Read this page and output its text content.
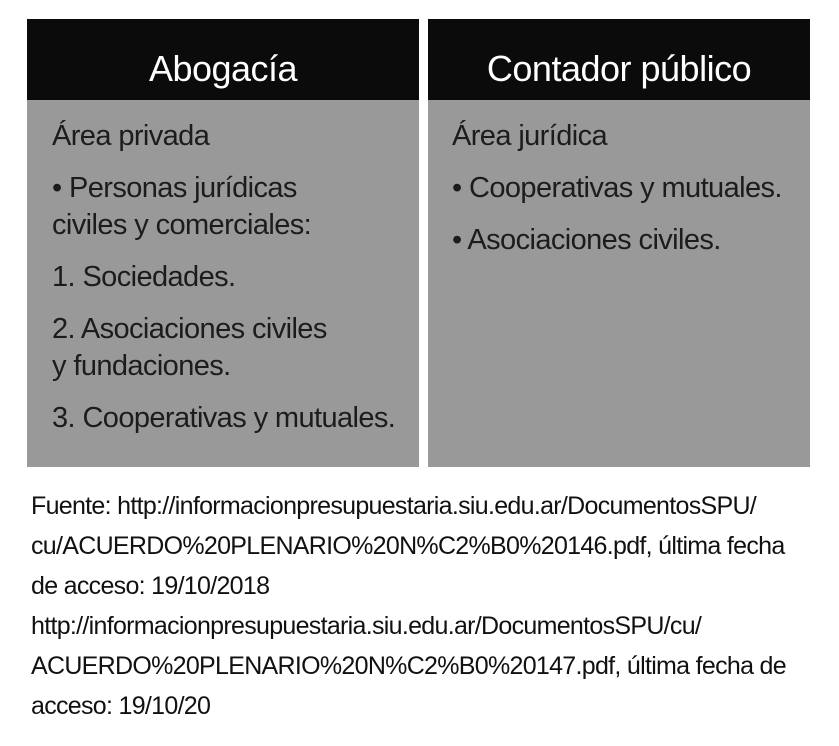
Abogacía
Área privada
• Personas jurídicas
civiles y comerciales:
1. Sociedades.
2. Asociaciones civiles
y fundaciones.
3. Cooperativas y mutuales.
Contador público
Área jurídica
• Cooperativas y mutuales.
• Asociaciones civiles.
Fuente: http://informacionpresupuestaria.siu.edu.ar/DocumentosSPU/
cu/ACUERDO%20PLENARIO%20N%C2%B0%20146.pdf, última fecha
de acceso: 19/10/2018
http://informacionpresupuestaria.siu.edu.ar/DocumentosSPU/cu/
ACUERDO%20PLENARIO%20N%C2%B0%20147.pdf, última fecha de
acceso: 19/10/20
